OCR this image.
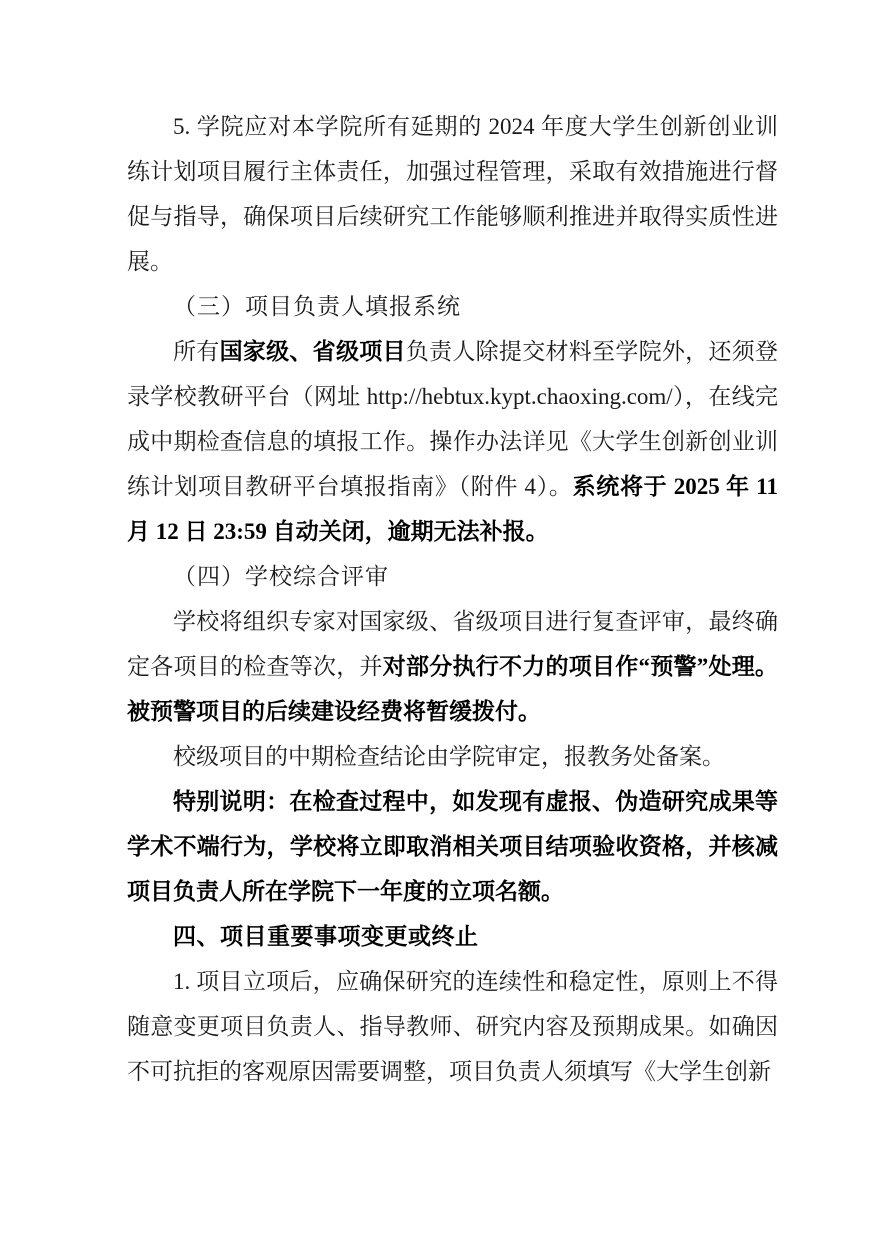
5. 学院应对本学院所有延期的 2024 年度大学生创新创业训练计划项目履行主体责任，加强过程管理，采取有效措施进行督促与指导，确保项目后续研究工作能够顺利推进并取得实质性进展。

（三）项目负责人填报系统

所有国家级、省级项目负责人除提交材料至学院外，还须登录学校教研平台（网址 http://hebtux.kypt.chaoxing.com/），在线完成中期检查信息的填报工作。操作办法详见《大学生创新创业训练计划项目教研平台填报指南》（附件 4）。系统将于 2025 年 11 月 12 日 23:59 自动关闭，逾期无法补报。

（四）学校综合评审

学校将组织专家对国家级、省级项目进行复查评审，最终确定各项目的检查等次，并对部分执行不力的项目作“预警”处理。被预警项目的后续建设经费将暂缓拨付。

校级项目的中期检查结论由学院审定，报教务处备案。

特别说明：在检查过程中，如发现有虚报、伪造研究成果等学术不端行为，学校将立即取消相关项目结项验收资格，并核减项目负责人所在学院下一年度的立项名额。

四、项目重要事项变更或终止

1. 项目立项后，应确保研究的连续性和稳定性，原则上不得随意变更项目负责人、指导教师、研究内容及预期成果。如确因不可抗拒的客观原因需要调整，项目负责人须填写《大学生创新
